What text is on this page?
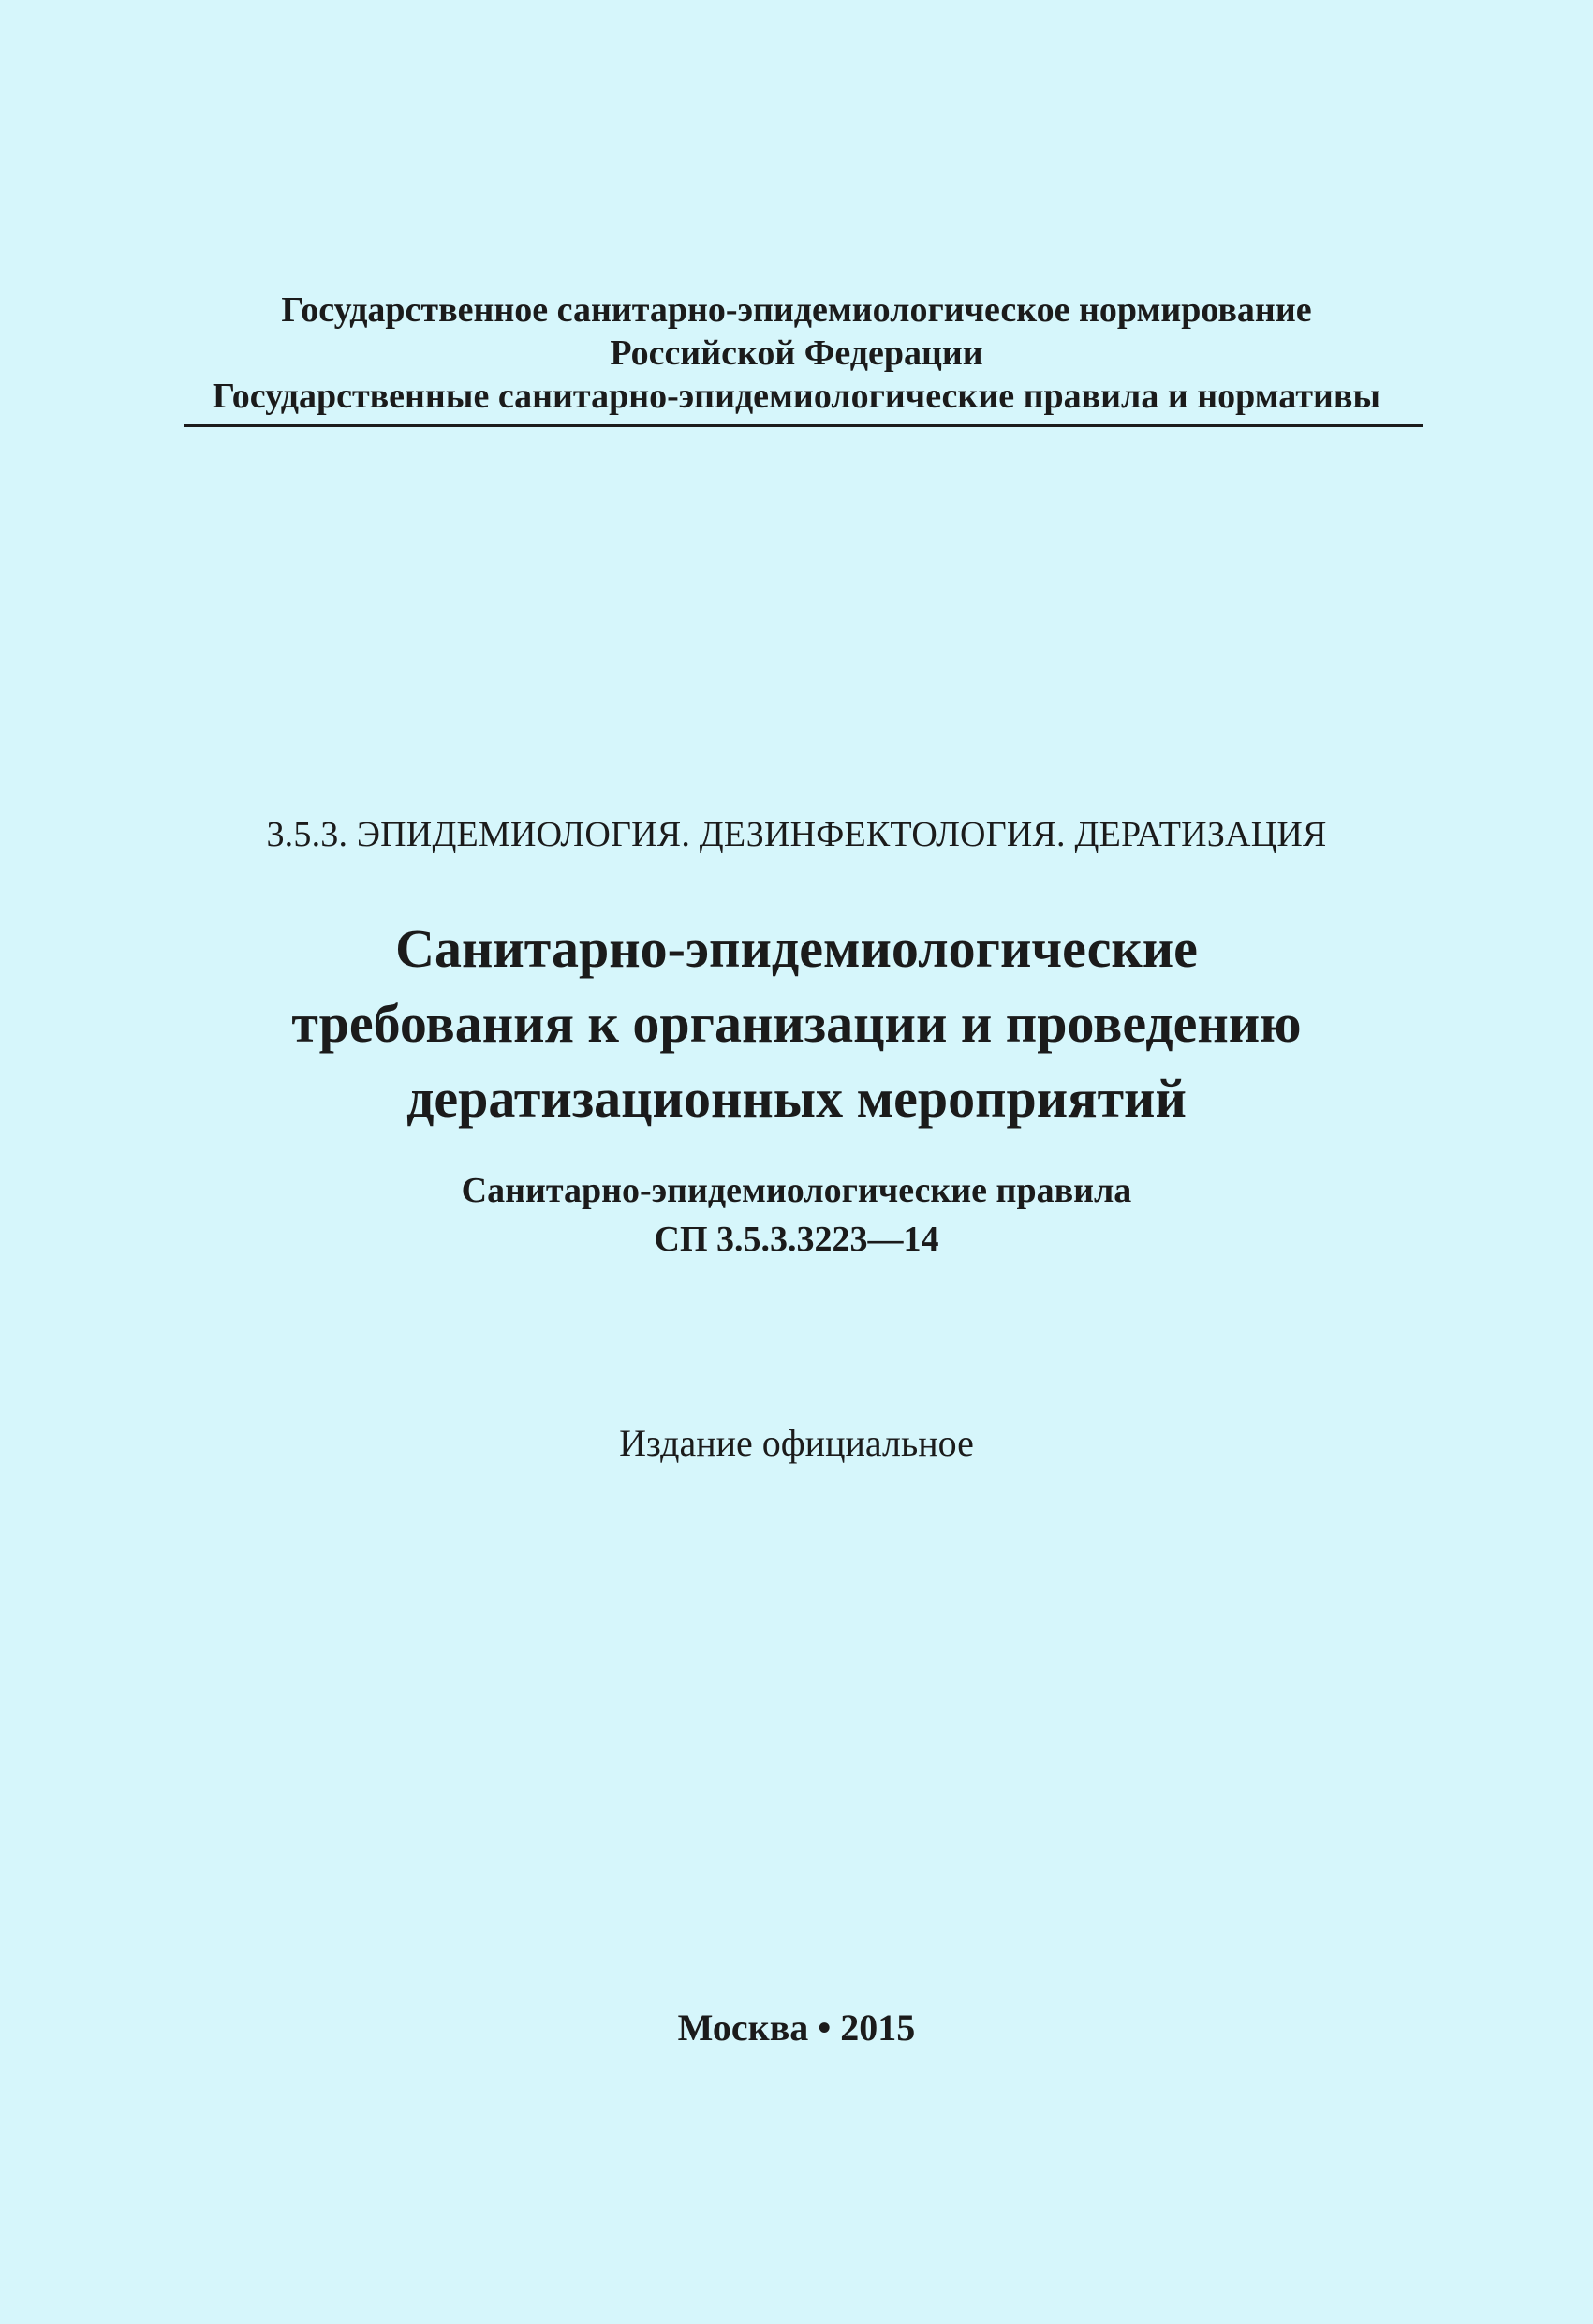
Государственное санитарно-эпидемиологическое нормирование
Российской Федерации
Государственные санитарно-эпидемиологические правила и нормативы
3.5.3. ЭПИДЕМИОЛОГИЯ. ДЕЗИНФЕКТОЛОГИЯ. ДЕРАТИЗАЦИЯ
Санитарно-эпидемиологические
требования к организации и проведению
дератизационных мероприятий
Санитарно-эпидемиологические правила
СП 3.5.3.3223—14
Издание официальное
Москва • 2015
